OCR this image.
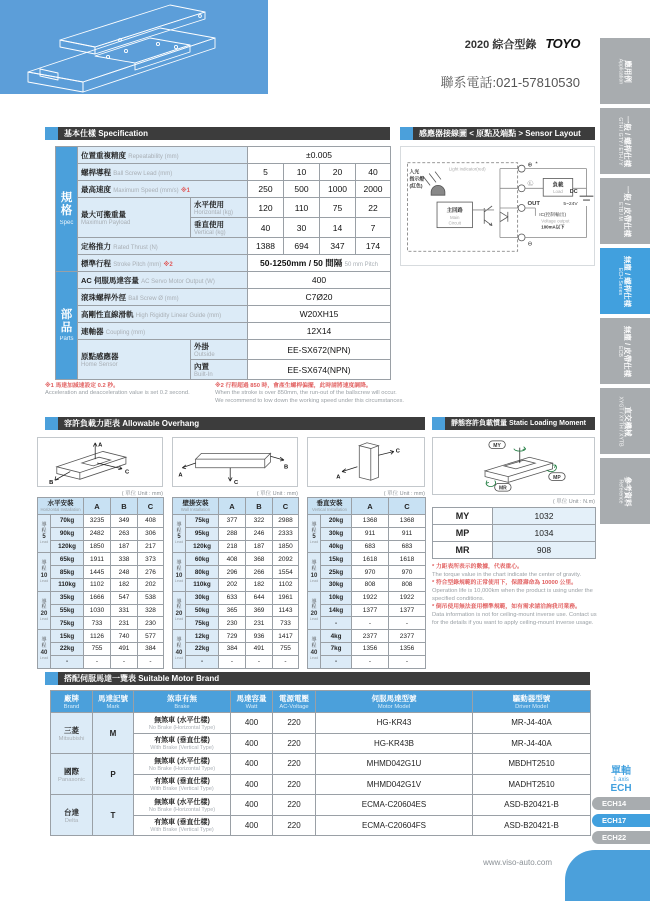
2020 綜合型錄 TOYO
聯系電話:021-57810530
應用例
Application
一般 / 螺桿仕樣
GTH / GTY / ETH / Y
一般 / 皮帶仕樣
ETB / M
無塵 / 螺桿仕樣
ECH Series
無塵 / 皮帶仕樣
ECB
直交機械
XYGT / XYTH / XYTB
參考資料
Reference
基本仕樣 Specification
規格
Spec	位置重複精度 Repeatability (mm)		±0.005			
	螺桿導程 Ball Screw Lead (mm)		5	10	20	40
	最高速度 Maximum Speed (mm/s) ※1		250	500	1000	2000

	最大可搬重量
Maximum Payload	水平使用
Horizontal (kg)	120	110	75	22

		垂直使用
Vertical (kg)	40	30	14	7
	定格推力 Rated Thrust (N)		1388	694	347	174
	標準行程 Stroke Pitch (mm) ※2		50-1250mm / 50 間隔 50 mm Pitch			

部品
Parts	AC 伺服馬達容量 AC Servo Motor Output (W)		400			
	滾珠螺桿外徑 Ball Screw Ø (mm)		C7Ø20			
	高剛性直線滑軌 High Rigidity Linear Guide (mm)		W20XH15			
	連軸器 Coupling (mm)		12X14			

	原點感應器
Home Sensor	外掛
Outside	EE-SX672(NPN)			

		內置
Built-In	EE-SX674(NPN)			
※1 馬達加減速設定 0.2 秒。
Acceleration and deacceleration value is set 0.2 second.
※2 行程超過 850 時，會產生螺桿偏擺，此時請將速度調降。
When the stroke is over 850mm, the run-out of the ballscrew will occur.
We recommend to low down the working speed under this circumstances.
感應器接線圖 < 原點及端點 > Sensor Layout
入光
指示燈
(紅色)
Light indicator(red)
主回路
Main
Circuit
⊕ *
Ⓛ
OUT
IC(控制輸出)
Voltage output
100mA以下
⊖
負載
Load DC
5~24V
容許負載力距表 Allowable Overhang	靜態容許負載慣量 Static Loading Moment
A
B
C	A
B
C
A
C
( 單位 Unit : mm)	( 單位 Unit : mm)	( 單位 Unit : mm)
( 單位 Unit : N.m)
水平安裝
Horizontal Installation		A	B	C

導程
5
Lead	70kg	3235	349	408
	90kg	2482	263	306
	120kg	1850	187	217

導程
10
Lead	65kg	1911	338	373
	85kg	1445	248	276
	110kg	1102	182	202

導程
20
Lead	35kg	1666	547	538
	55kg	1030	331	328
	75kg	733	231	230

導程
40
Lead	15kg	1126	740	577
	22kg	755	491	384
	-	-	-	-
壁掛安裝
Wall Installation		A	B	C

導程
5
Lead	75kg	377	322	2988
	95kg	288	246	2333
	120kg	218	187	1850

導程
10
Lead	60kg	408	368	2092
	80kg	296	266	1554
	110kg	202	182	1102

導程
20
Lead	30kg	633	644	1961
	50kg	365	369	1143
	75kg	230	231	733

導程
40
Lead	12kg	729	936	1417
	22kg	384	491	755
	-	-	-	-
垂直安裝
Vertical Installation		A	C

導程
5
Lead	20kg	1368	1368
	30kg	911	911
	40kg	683	683

導程
10
Lead	15kg	1618	1618
	25kg	970	970
	30kg	808	808

導程
20
Lead	10kg	1922	1922
	14kg	1377	1377
	-	-	-

導程
40
Lead	4kg	2377	2377
	7kg	1356	1356
	-	-	-
MY
MP
MR
MY	1032
MP	1034
MR	908

* 力距表所表示的數據，代表重心。

The torque value in the chart indicate the center of gravity.

* 符合型錄規範的正常使用下，保證壽命為 10000 公里。

Operation life is 10,000km when the product is using under the specified conditions.

* 倒吊使用無法套用標準規範，如有需求請洽詢我司業務。

Data information is not for ceiling-mount inverse use. Contact us for the details if you want to apply ceiling-mount inverse usage.

搭配伺服馬達一覽表 Suitable Motor Brand
廠牌
Brand	馬達記號
Mark	煞車有無
Brake	馬達容量
Watt	電源電壓
AC-Voltage	伺服馬達型號
Motor Model	驅動器型號
Driver Model

三菱
Mitsubishi	M	無煞車 (水平仕樣)
No Brake (Horizontal Type)	400	220	HG-KR43	MR-J4-40A

		有煞車 (垂直仕樣)
With Brake (Vertical Type)	400	220	HG-KR43B	MR-J4-40A

國際
Panasonic	P	無煞車 (水平仕樣)
No Brake (Horizontal Type)	400	220	MHMD042G1U	MBDHT2510

		有煞車 (垂直仕樣)
With Brake (Vertical Type)	400	220	MHMD042G1V	MADHT2510

台達
Delta	T	無煞車 (水平仕樣)
No Brake (Horizontal Type)	400	220	ECMA-C20604ES	ASD-B20421-B

		有煞車 (垂直仕樣)
With Brake (Vertical Type)	400	220	ECMA-C20604FS	ASD-B20421-B
單軸
1 axis
ECH
ECH14
ECH17
ECH22
www.viso-auto.com
